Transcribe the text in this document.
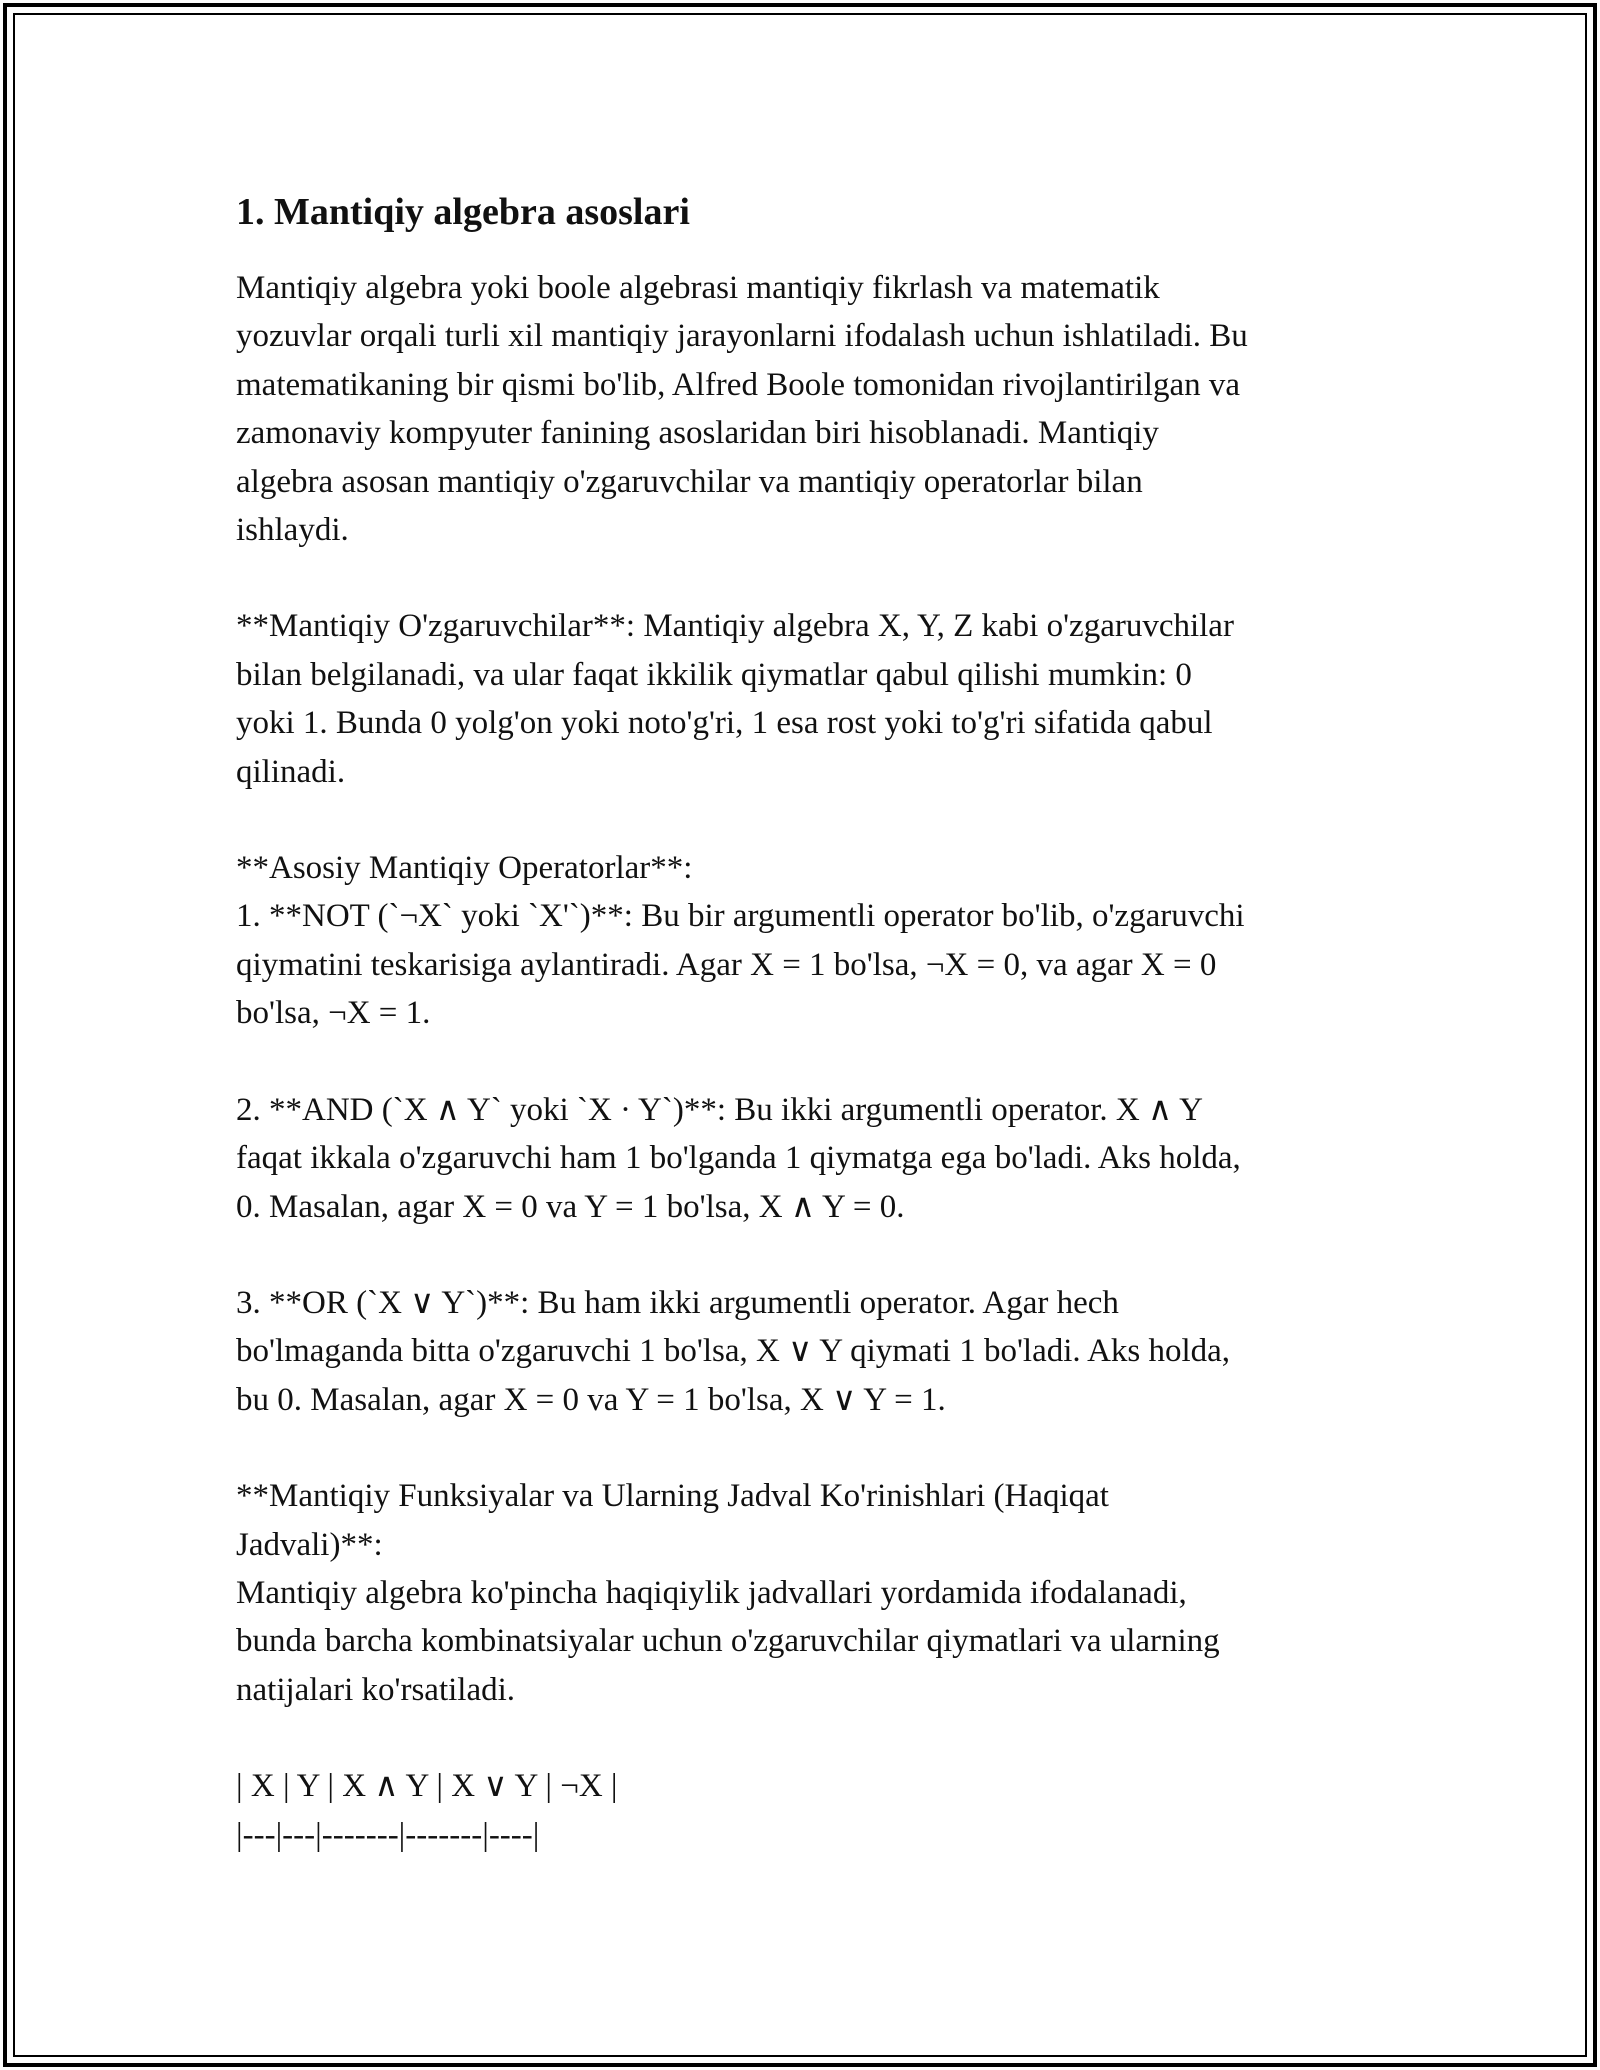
1. Mantiqiy algebra asoslari
Mantiqiy algebra yoki boole algebrasi mantiqiy fikrlash va matematik
yozuvlar orqali turli xil mantiqiy jarayonlarni ifodalash uchun ishlatiladi. Bu
matematikaning bir qismi bo'lib, Alfred Boole tomonidan rivojlantirilgan va
zamonaviy kompyuter fanining asoslaridan biri hisoblanadi. Mantiqiy
algebra asosan mantiqiy o'zgaruvchilar va mantiqiy operatorlar bilan
ishlaydi.
**Mantiqiy O'zgaruvchilar**: Mantiqiy algebra X, Y, Z kabi o'zgaruvchilar
bilan belgilanadi, va ular faqat ikkilik qiymatlar qabul qilishi mumkin: 0
yoki 1. Bunda 0 yolg'on yoki noto'g'ri, 1 esa rost yoki to'g'ri sifatida qabul
qilinadi.
**Asosiy Mantiqiy Operatorlar**:
1. **NOT (`¬X` yoki `X'`)**: Bu bir argumentli operator bo'lib, o'zgaruvchi
qiymatini teskarisiga aylantiradi. Agar X = 1 bo'lsa, ¬X = 0, va agar X = 0
bo'lsa, ¬X = 1.
2. **AND (`X ∧ Y` yoki `X · Y`)**: Bu ikki argumentli operator. X ∧ Y
faqat ikkala o'zgaruvchi ham 1 bo'lganda 1 qiymatga ega bo'ladi. Aks holda,
0. Masalan, agar X = 0 va Y = 1 bo'lsa, X ∧ Y = 0.
3. **OR (`X ∨ Y`)**: Bu ham ikki argumentli operator. Agar hech
bo'lmaganda bitta o'zgaruvchi 1 bo'lsa, X ∨ Y qiymati 1 bo'ladi. Aks holda,
bu 0. Masalan, agar X = 0 va Y = 1 bo'lsa, X ∨ Y = 1.
**Mantiqiy Funksiyalar va Ularning Jadval Ko'rinishlari (Haqiqat
Jadvali)**:
Mantiqiy algebra ko'pincha haqiqiylik jadvallari yordamida ifodalanadi,
bunda barcha kombinatsiyalar uchun o'zgaruvchilar qiymatlari va ularning
natijalari ko'rsatiladi.
| X | Y | X ∧ Y | X ∨ Y | ¬X |
|---|---|-------|-------|----|
